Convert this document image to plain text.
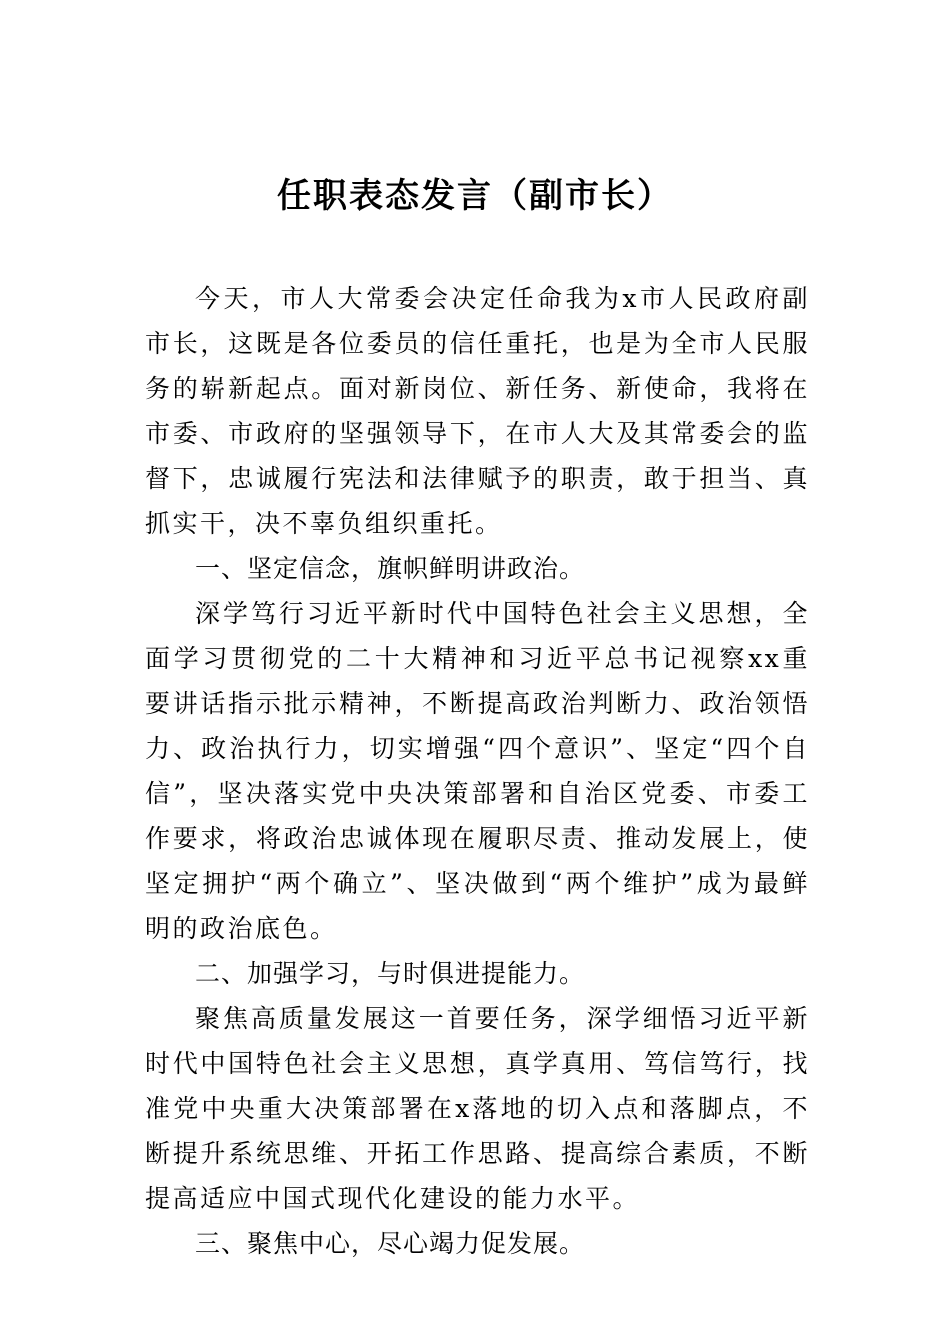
任职表态发言（副市长）

今天，市人大常委会决定任命我为x市人民政府副市长，这既是各位委员的信任重托，也是为全市人民服务的崭新起点。面对新岗位、新任务、新使命，我将在市委、市政府的坚强领导下，在市人大及其常委会的监督下，忠诚履行宪法和法律赋予的职责，敢于担当、真抓实干，决不辜负组织重托。

一、坚定信念，旗帜鲜明讲政治。

深学笃行习近平新时代中国特色社会主义思想，全面学习贯彻党的二十大精神和习近平总书记视察xx重要讲话指示批示精神，不断提高政治判断力、政治领悟力、政治执行力，切实增强“四个意识”、坚定“四个自信”，坚决落实党中央决策部署和自治区党委、市委工作要求，将政治忠诚体现在履职尽责、推动发展上，使坚定拥护“两个确立”、坚决做到“两个维护”成为最鲜明的政治底色。

二、加强学习，与时俱进提能力。

聚焦高质量发展这一首要任务，深学细悟习近平新时代中国特色社会主义思想，真学真用、笃信笃行，找准党中央重大决策部署在x落地的切入点和落脚点，不断提升系统思维、开拓工作思路、提高综合素质，不断提高适应中国式现代化建设的能力水平。

三、聚焦中心，尽心竭力促发展。
